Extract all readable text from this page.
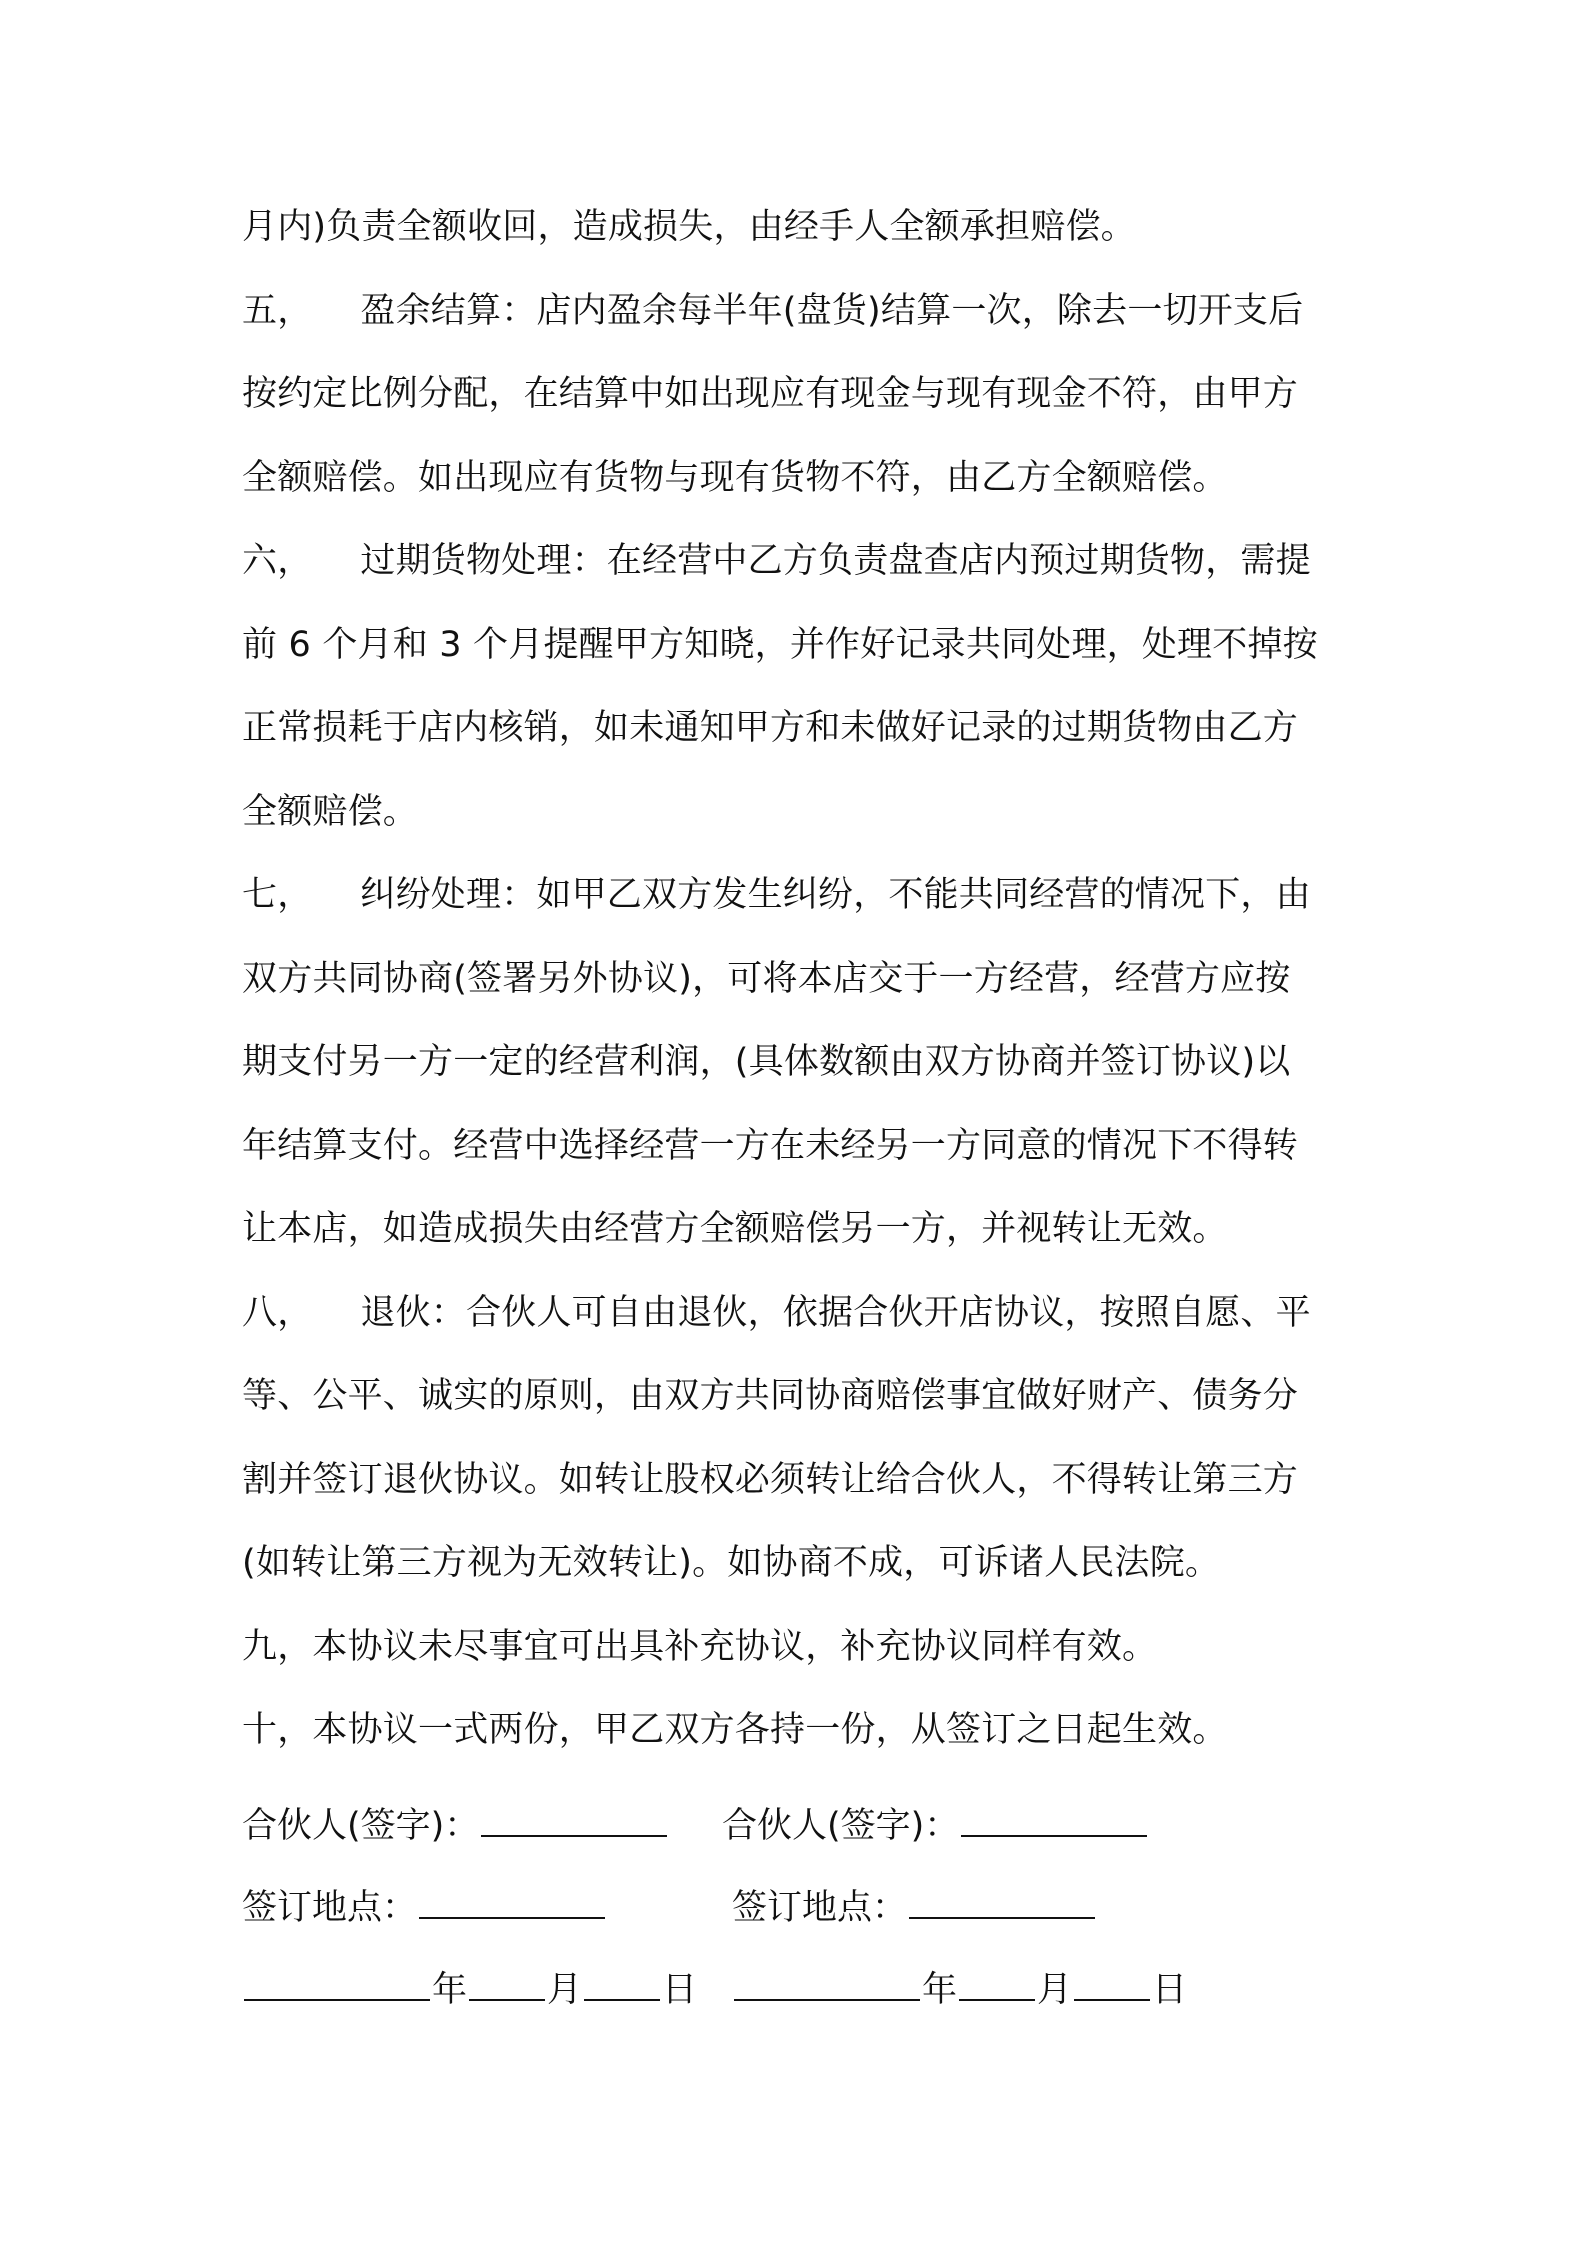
月内)负责全额收回，造成损失，由经手人全额承担赔偿。
五， 盈余结算：店内盈余每半年(盘货)结算一次，除去一切开支后
按约定比例分配，在结算中如出现应有现金与现有现金不符，由甲方
全额赔偿。如出现应有货物与现有货物不符，由乙方全额赔偿。
六， 过期货物处理：在经营中乙方负责盘查店内预过期货物，需提
前 6 个月和 3 个月提醒甲方知晓，并作好记录共同处理，处理不掉按
正常损耗于店内核销，如未通知甲方和未做好记录的过期货物由乙方
全额赔偿。
七， 纠纷处理：如甲乙双方发生纠纷，不能共同经营的情况下，由
双方共同协商(签署另外协议)，可将本店交于一方经营，经营方应按
期支付另一方一定的经营利润，(具体数额由双方协商并签订协议)以
年结算支付。经营中选择经营一方在未经另一方同意的情况下不得转
让本店，如造成损失由经营方全额赔偿另一方，并视转让无效。
八， 退伙：合伙人可自由退伙，依据合伙开店协议，按照自愿、平
等、公平、诚实的原则，由双方共同协商赔偿事宜做好财产、债务分
割并签订退伙协议。如转让股权必须转让给合伙人，不得转让第三方
(如转让第三方视为无效转让)。如协商不成，可诉诸人民法院。
九，本协议未尽事宜可出具补充协议，补充协议同样有效。
十，本协议一式两份，甲乙双方各持一份，从签订之日起生效。
合伙人(签字)：	合伙人(签字)：
签订地点：	签订地点：
年 月 日	年 月 日
